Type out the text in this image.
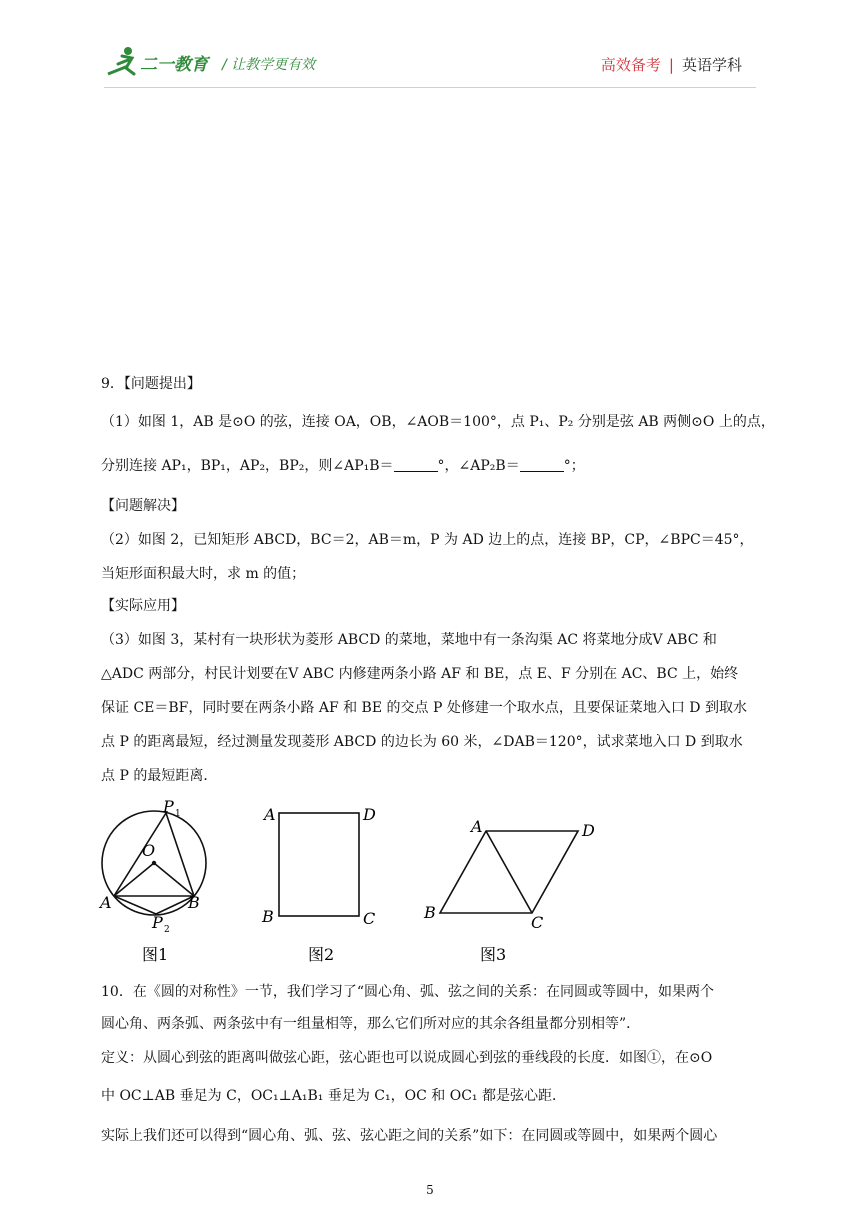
二一教育 / 让教学更有效	高效备考 | 英语学科
9．【问题提出】
（1）如图 1，AB 是⊙O 的弦，连接 OA，OB，∠AOB＝100°，点 P₁、P₂ 分别是弦 AB 两侧⊙O 上的点，
分别连接 AP₁，BP₁，AP₂，BP₂，则∠AP₁B＝	°，∠AP₂B＝	°；
【问题解决】
（2）如图 2，已知矩形 ABCD，BC＝2，AB＝m，P 为 AD 边上的点，连接 BP，CP，∠BPC＝45°，
当矩形面积最大时，求 m 的值；
【实际应用】
（3）如图 3，某村有一块形状为菱形 ABCD 的菜地，菜地中有一条沟渠 AC 将菜地分成V ABC 和
△ADC 两部分，村民计划要在V ABC 内修建两条小路 AF 和 BE，点 E、F 分别在 AC、BC 上，始终
保证 CE＝BF，同时要在两条小路 AF 和 BE 的交点 P 处修建一个取水点，且要保证菜地入口 D 到取水
点 P 的距离最短，经过测量发现菱形 ABCD 的边长为 60 米，∠DAB＝120°，试求菜地入口 D 到取水
点 P 的最短距离．
P 1
O
A	B
P 2
图1
A	D
B	C
图2
A	D
B
C
图3
10．在《圆的对称性》一节，我们学习了“圆心角、弧、弦之间的关系：在同圆或等圆中，如果两个
圆心角、两条弧、两条弦中有一组量相等，那么它们所对应的其余各组量都分别相等”．
定义：从圆心到弦的距离叫做弦心距，弦心距也可以说成圆心到弦的垂线段的长度．如图①，在⊙O
中 OC⊥AB 垂足为 C，OC₁⊥A₁B₁ 垂足为 C₁，OC 和 OC₁ 都是弦心距．
实际上我们还可以得到“圆心角、弧、弦、弦心距之间的关系”如下：在同圆或等圆中，如果两个圆心
5
